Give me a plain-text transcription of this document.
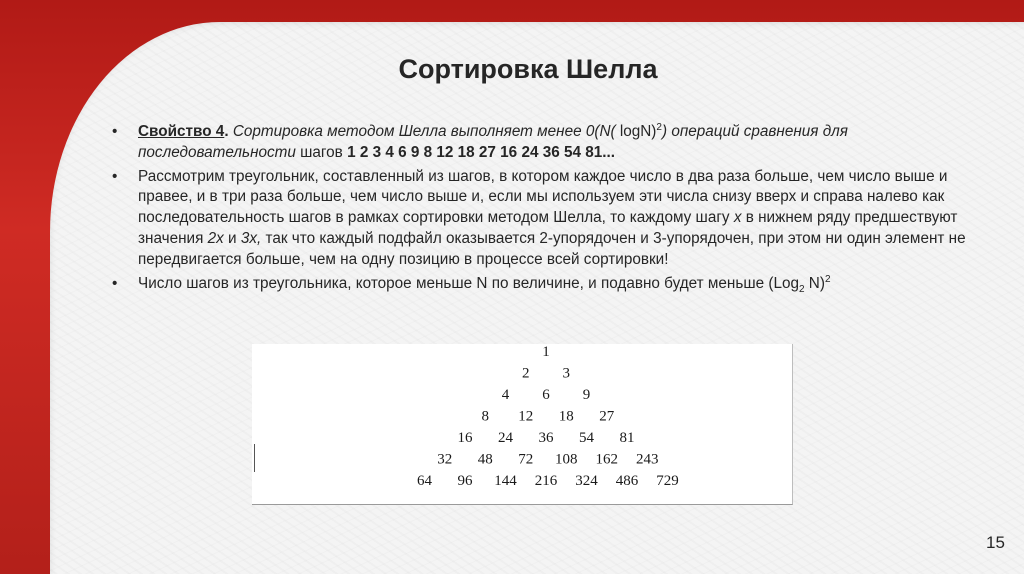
Сортировка Шелла
• Свойство 4. Сортировка методом Шелла выполняет менее 0(N( logN)$^2$) операций сравнения для последовательности шагов 1 2 3 4 6 9 8 12 18 27 16 24 36 54 81...
• Рассмотрим треугольник, составленный из шагов, в котором каждое число в два раза больше, чем число выше и правее, и в три раза больше, чем число выше и, если мы используем эти числа снизу вверх и справа налево как последовательность шагов в рамках сортировки методом Шелла, то каждому шагу x в нижнем ряду предшествуют значения 2x и 3x, так что каждый подфайл оказывается 2-упорядочен и 3-упорядочен, при этом ни один элемент не передвигается больше, чем на одну позицию в процессе всей сортировки!
• Число шагов из треугольника, которое меньше N по величине, и подавно будет меньше (Log$_2$ N)$^2$
1
2 3
4 6 9
8 12 18 27
16 24 36 54 81
32 48 72 108 162 243
64 96 144 216 324 486 729
15
